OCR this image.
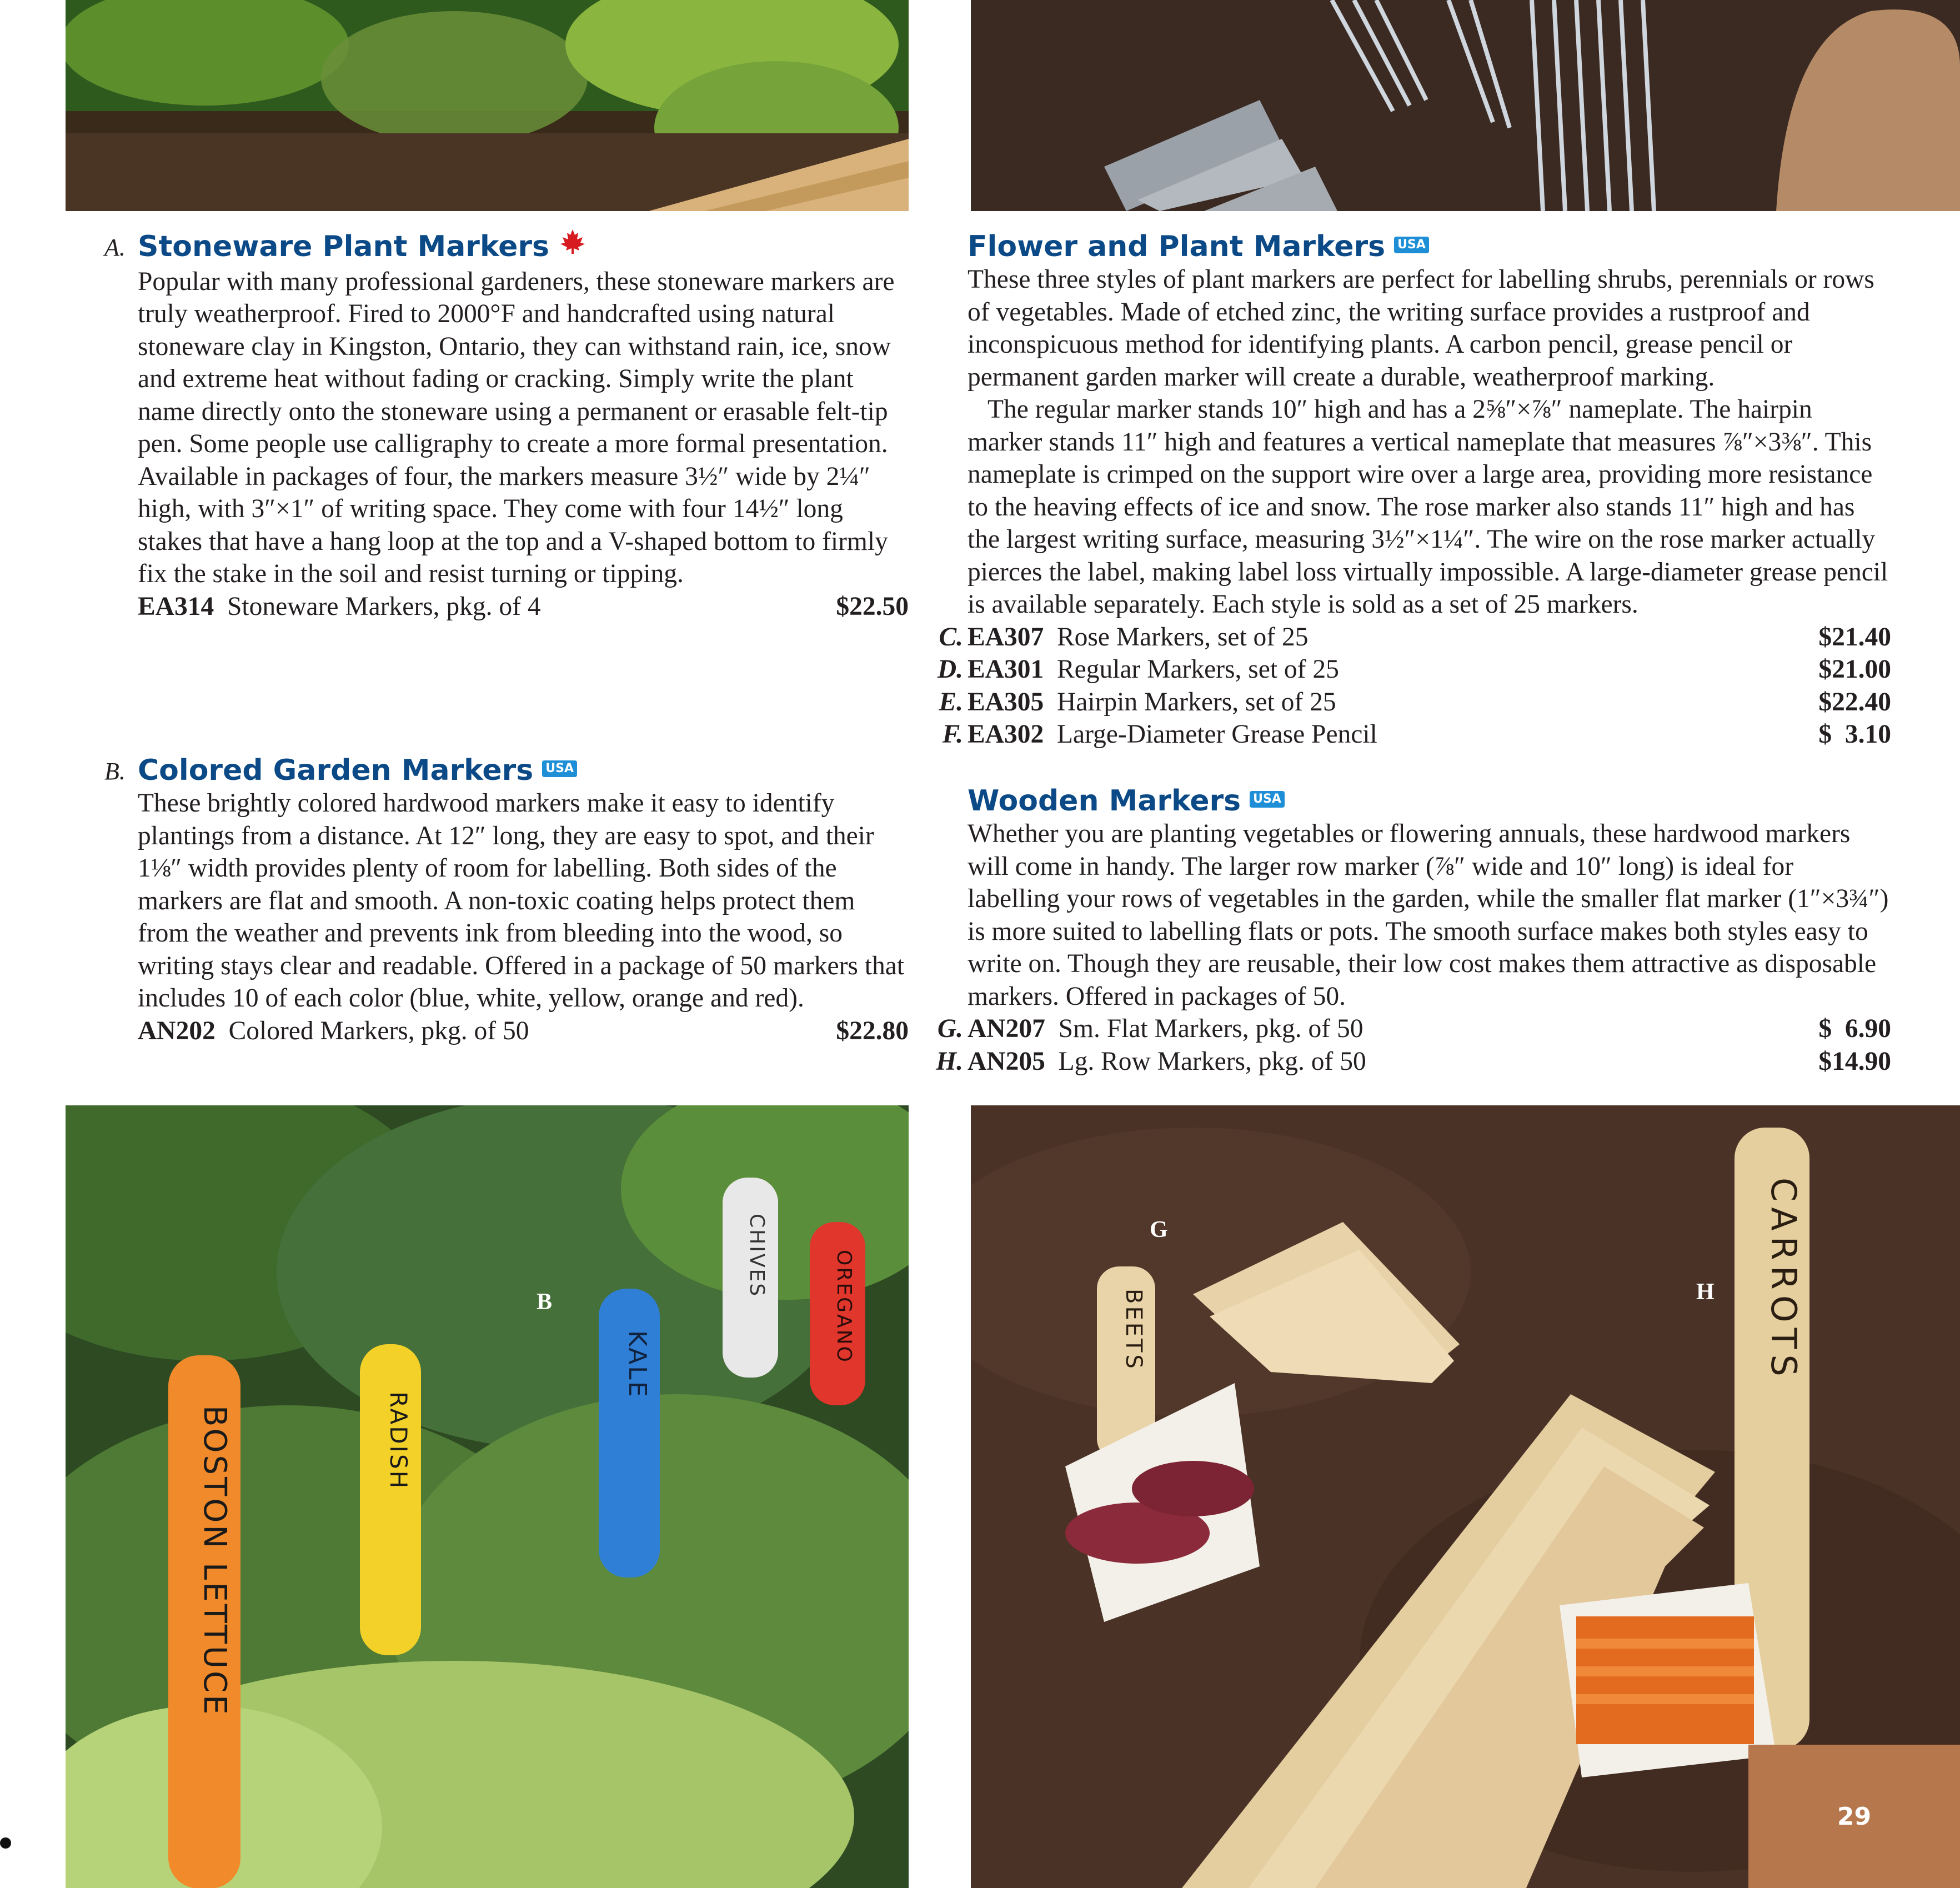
A. Stoneware Plant Markers
Popular with many professional gardeners, these stoneware markers are truly weatherproof. Fired to 2000°F and handcrafted using natural stoneware clay in Kingston, Ontario, they can withstand rain, ice, snow and extreme heat without fading or cracking. Simply write the plant name directly onto the stoneware using a permanent or erasable felt-tip pen. Some people use calligraphy to create a more formal presentation. Available in packages of four, the markers measure 3½″ wide by 2¼″ high, with 3″×1″ of writing space. They come with four 14½″ long stakes that have a hang loop at the top and a V-shaped bottom to firmly fix the stake in the soil and resist turning or tipping.
EA314 Stoneware Markers, pkg. of 4	$22.50
B. Colored Garden Markers USA
These brightly colored hardwood markers make it easy to identify plantings from a distance. At 12″ long, they are easy to spot, and their 1⅛″ width provides plenty of room for labelling. Both sides of the markers are flat and smooth. A non-toxic coating helps protect them from the weather and prevents ink from bleeding into the wood, so writing stays clear and readable. Offered in a package of 50 markers that includes 10 of each color (blue, white, yellow, orange and red).
AN202 Colored Markers, pkg. of 50	$22.80
Flower and Plant Markers USA

These three styles of plant markers are perfect for labelling shrubs, perennials or rows of vegetables. Made of etched zinc, the writing surface provides a rustproof and inconspicuous method for identifying plants. A carbon pencil, grease pencil or permanent garden marker will create a durable, weatherproof marking.

The regular marker stands 10″ high and has a 2⅝″×⅞″ nameplate. The hairpin marker stands 11″ high and features a vertical nameplate that measures ⅞″×3⅜″. This nameplate is crimped on the support wire over a large area, providing more resistance to the heaving effects of ice and snow. The rose marker also stands 11″ high and has the largest writing surface, measuring 3½″×1¼″. The wire on the rose marker actually pierces the label, making label loss virtually impossible. A large-diameter grease pencil is available separately. Each style is sold as a set of 25 markers.

C. EA307 Rose Markers, set of 25	$21.40
D. EA301 Regular Markers, set of 25	$21.00
E. EA305 Hairpin Markers, set of 25	$22.40
F. EA302 Large-Diameter Grease Pencil	$  3.10
Wooden Markers USA
Whether you are planting vegetables or flowering annuals, these hardwood markers will come in handy. The larger row marker (⅞″ wide and 10″ long) is ideal for labelling your rows of vegetables in the garden, while the smaller flat marker (1″×3¾″) is more suited to labelling flats or pots. The smooth surface makes both styles easy to write on. Though they are reusable, their low cost makes them attractive as disposable markers. Offered in packages of 50.
G. AN207 Sm. Flat Markers, pkg. of 50	$  6.90
H. AN205 Lg. Row Markers, pkg. of 50	$14.90
BOSTON LETTUCE	RADISH
KALE
CHIVES	OREGANO
B	BEETS	CARROTS
G
H
29
